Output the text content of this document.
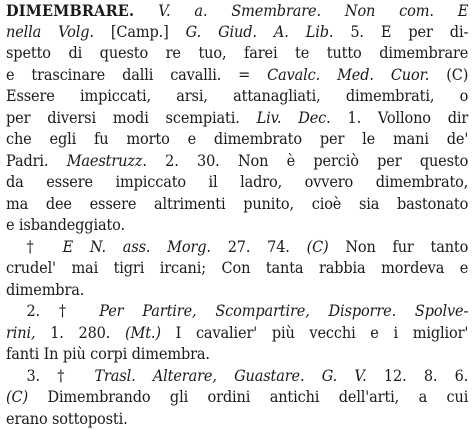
DIMEMBRARE. V. a. Smembrare. Non com. E
nella Volg. [Camp.] G. Giud. A. Lib. 5. E per di-
spetto di questo re tuo, farei te tutto dimembrare
e trascinare dalli cavalli. = Cavalc. Med. Cuor. (C)
Essere impiccati, arsi, attanagliati, dimembrati, o
per diversi modi scempiati. Liv. Dec. 1. Vollono dir
che egli fu morto e dimembrato per le mani de'
Padri. Maestruzz. 2. 30. Non è perciò per questo
da essere impiccato il ladro, ovvero dimembrato,
ma dee essere altrimenti punito, cioè sia bastonato
e isbandeggiato.
† E N. ass. Morg. 27. 74. (C) Non fur tanto
crudel' mai tigri ircani; Con tanta rabbia mordeva e
dimembra.
2. † Per Partire, Scompartire, Disporre. Spolve-
rini, 1. 280. (Mt.) I cavalier' più vecchi e i miglior'
fanti In più corpi dimembra.
3. † Trasl. Alterare, Guastare. G. V. 12. 8. 6.
(C) Dimembrando gli ordini antichi dell'arti, a cui
erano sottoposti.
